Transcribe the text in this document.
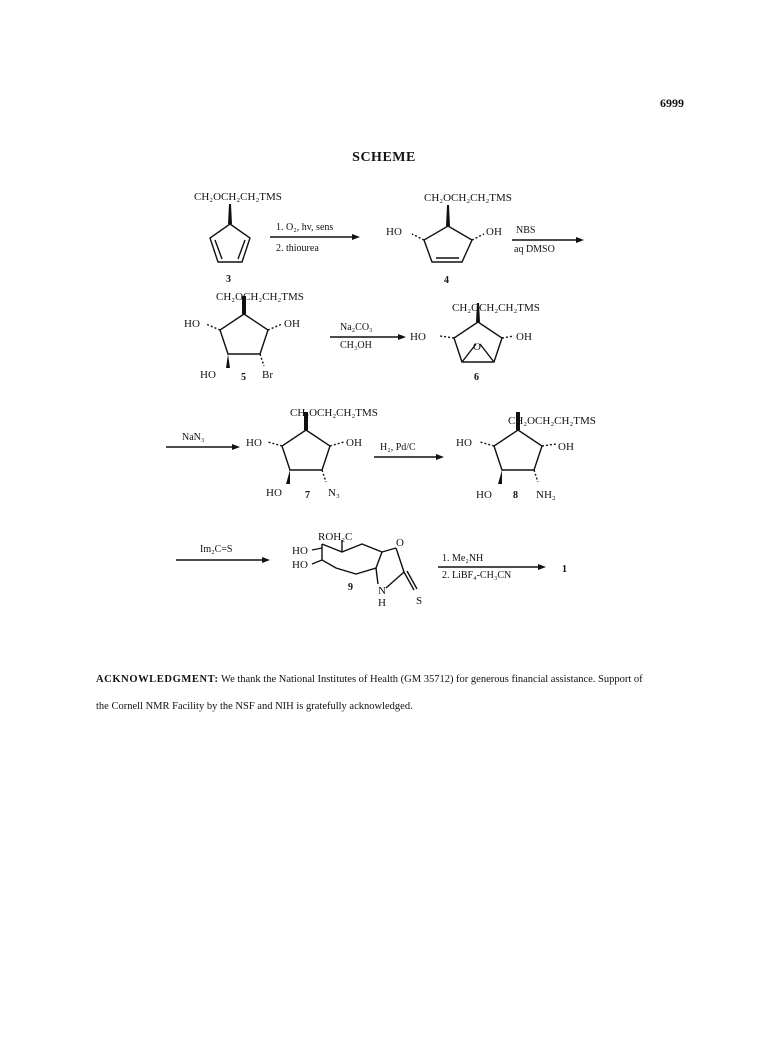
6999
SCHEME
CH₂OCH₂CH₂TMS
3
1. O₂, hv, sens
2. thiourea
CH₂OCH₂CH₂TMS
HO	OH
4
NBS
aq DMSO
CH₂OCH₂CH₂TMS
HO	OH
HO	5 Br
Na₂CO₃
CH₃OH
CH₂OCH₂CH₂TMS
HO	OH
O
6
NaN₃
CH₂OCH₂CH₂TMS
HO	OH
HO 7 N₃
H₂, Pd/C
CH₂OCH₂CH₂TMS
HO	OH
HO 8 NH₂
Im₂C=S
ROH₂C
HO
HO
O
N
H	S
9
1. Me₂NH
2. LiBF₄-CH₃CN
1
ACKNOWLEDGMENT: We thank the National Institutes of Health (GM 35712) for generous financial assistance. Support of the Cornell NMR Facility by the NSF and NIH is gratefully acknowledged.
